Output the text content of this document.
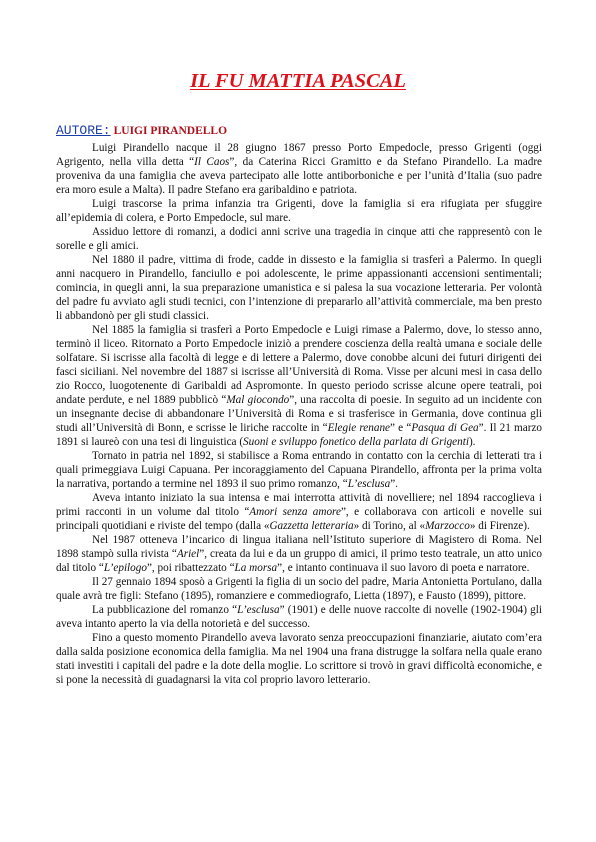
IL FU MATTIA PASCAL

AUTORE: LUIGI PIRANDELLO

Luigi Pirandello nacque il 28 giugno 1867 presso Porto Empedocle, presso Grigenti (oggi Agrigento, nella villa detta “Il Caos”, da Caterina Ricci Gramitto e da Stefano Pirandello. La madre proveniva da una famiglia che aveva partecipato alle lotte antiborboniche e per l’unità d’Italia (suo padre era moro esule a Malta). Il padre Stefano era garibaldino e patriota.

Luigi trascorse la prima infanzia tra Grigenti, dove la famiglia si era rifugiata per sfuggire all’epidemia di colera, e Porto Empedocle, sul mare.

Assiduo lettore di romanzi, a dodici anni scrive una tragedia in cinque atti che rappresentò con le sorelle e gli amici.

Nel 1880 il padre, vittima di frode, cadde in dissesto e la famiglia si trasferì a Palermo. In quegli anni nacquero in Pirandello, fanciullo e poi adolescente, le prime appassionanti accensioni sentimentali; comincia, in quegli anni, la sua preparazione umanistica e si palesa la sua vocazione letteraria. Per volontà del padre fu avviato agli studi tecnici, con l’intenzione di prepararlo all’attività commerciale, ma ben presto li abbandonò per gli studi classici.

Nel 1885 la famiglia si trasferì a Porto Empedocle e Luigi rimase a Palermo, dove, lo stesso anno, terminò il liceo. Ritornato a Porto Empedocle iniziò a prendere coscienza della realtà umana e sociale delle solfatare. Si iscrisse alla facoltà di legge e di lettere a Palermo, dove conobbe alcuni dei futuri dirigenti dei fasci siciliani. Nel novembre del 1887 si iscrisse all’Università di Roma. Visse per alcuni mesi in casa dello zio Rocco, luogotenente di Garibaldi ad Aspromonte. In questo periodo scrisse alcune opere teatrali, poi andate perdute, e nel 1889 pubblicò “Mal giocondo”, una raccolta di poesie. In seguito ad un incidente con un insegnante decise di abbandonare l’Università di Roma e si trasferisce in Germania, dove continua gli studi all’Università di Bonn, e scrisse le liriche raccolte in “Elegie renane” e “Pasqua di Gea”. Il 21 marzo 1891 si laureò con una tesi di linguistica (Suoni e sviluppo fonetico della parlata di Grigenti).

Tornato in patria nel 1892, si stabilisce a Roma entrando in contatto con la cerchia di letterati tra i quali primeggiava Luigi Capuana. Per incoraggiamento del Capuana Pirandello, affronta per la prima volta la narrativa, portando a termine nel 1893 il suo primo romanzo, “L’esclusa”.

Aveva intanto iniziato la sua intensa e mai interrotta attività di novelliere; nel 1894 raccoglieva i primi racconti in un volume dal titolo “Amori senza amore”, e collaborava con articoli e novelle sui principali quotidiani e riviste del tempo (dalla «Gazzetta letteraria» di Torino, al «Marzocco» di Firenze).

Nel 1987 otteneva l’incarico di lingua italiana nell’Istituto superiore di Magistero di Roma. Nel 1898 stampò sulla rivista “Ariel”, creata da lui e da un gruppo di amici, il primo testo teatrale, un atto unico dal titolo “L’epilogo”, poi ribattezzato “La morsa”, e intanto continuava il suo lavoro di poeta e narratore.

Il 27 gennaio 1894 sposò a Grigenti la figlia di un socio del padre, Maria Antonietta Portulano, dalla quale avrà tre figli: Stefano (1895), romanziere e commediografo, Lietta (1897), e Fausto (1899), pittore.

La pubblicazione del romanzo “L’esclusa” (1901) e delle nuove raccolte di novelle (1902-1904) gli aveva intanto aperto la via della notorietà e del successo.

Fino a questo momento Pirandello aveva lavorato senza preoccupazioni finanziarie, aiutato com’era dalla salda posizione economica della famiglia. Ma nel 1904 una frana distrugge la solfara nella quale erano stati investiti i capitali del padre e la dote della moglie. Lo scrittore si trovò in gravi difficoltà economiche, e si pone la necessità di guadagnarsi la vita col proprio lavoro letterario.
